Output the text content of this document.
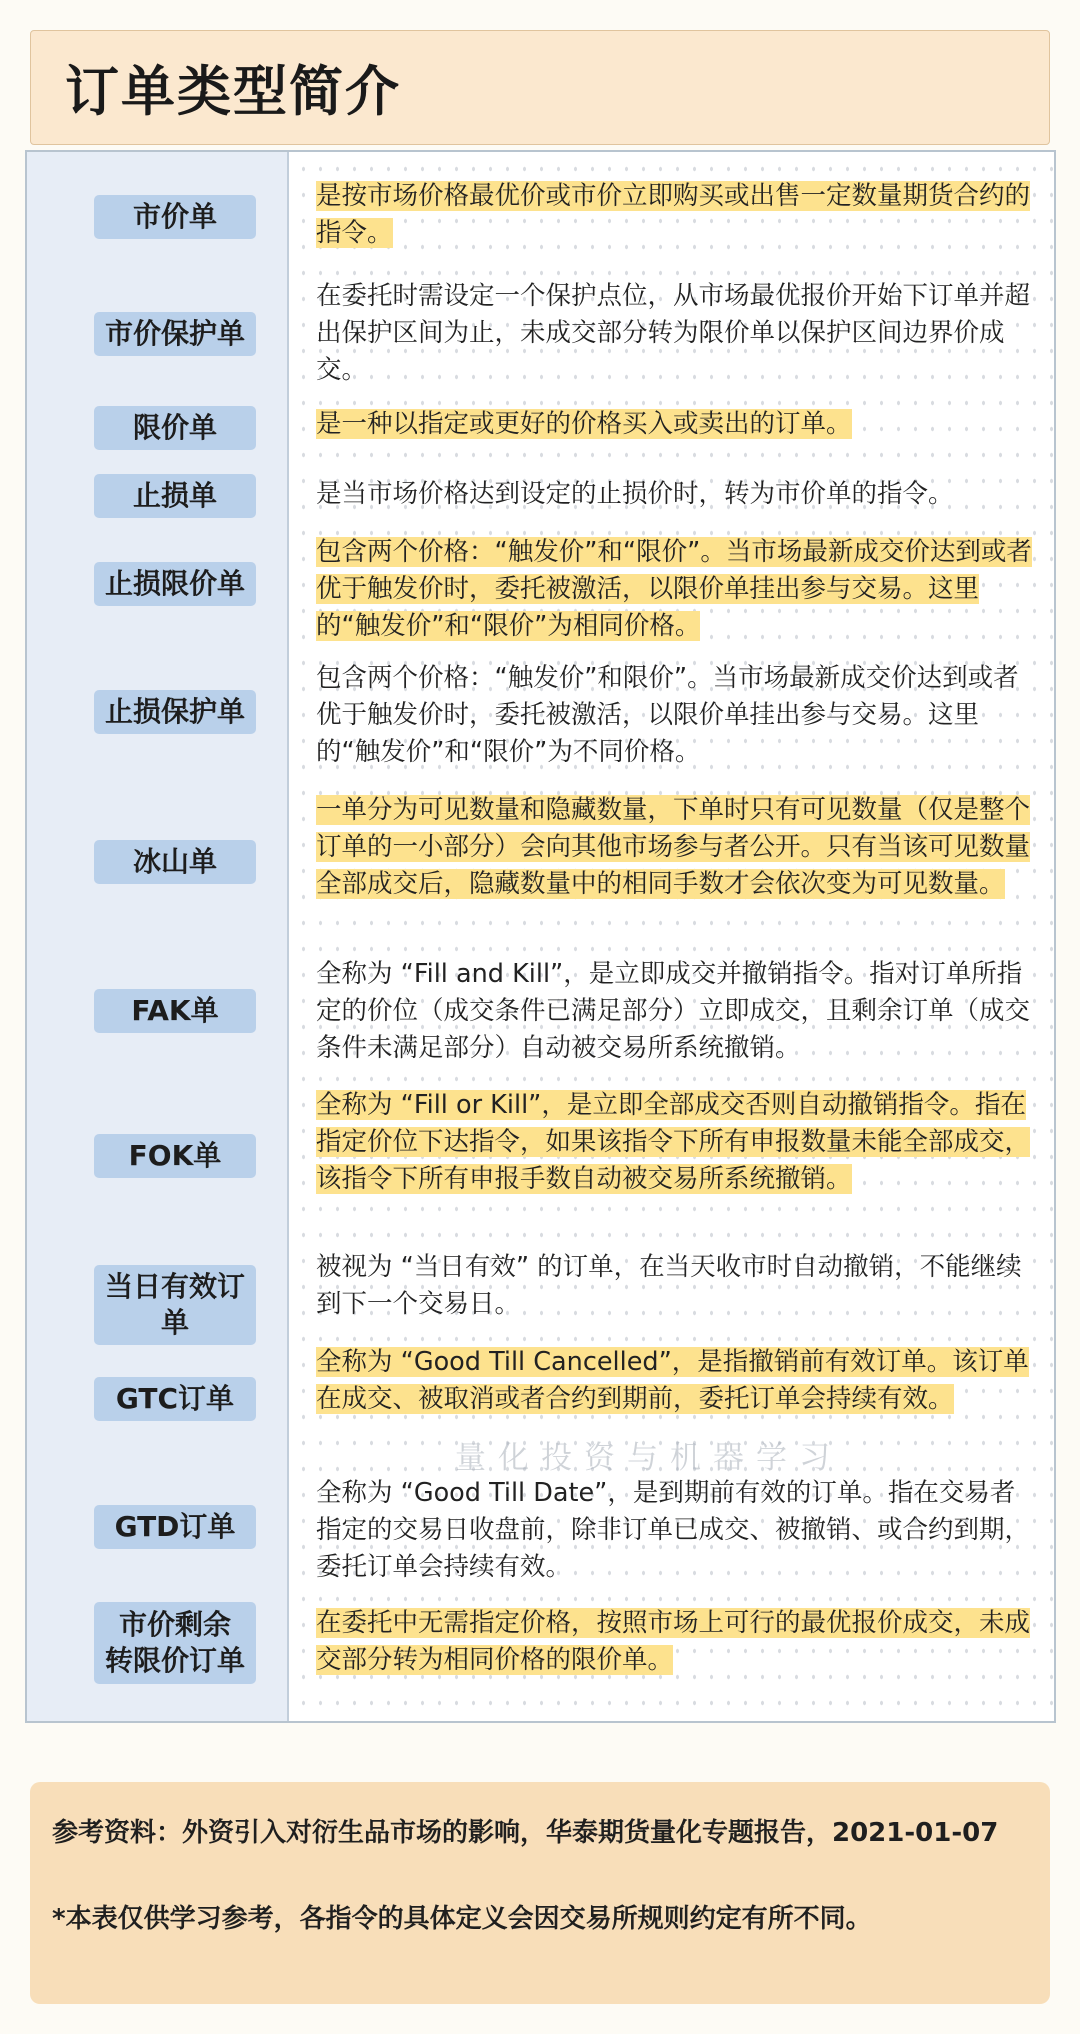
订单类型简介
市价单
是按市场价格最优价或市价立即购买或出售一定数量期货合约的指令。
市价保护单
在委托时需设定一个保护点位，从市场最优报价开始下订单并超出保护区间为止，未成交部分转为限价单以保护区间边界价成交。
限价单	是一种以指定或更好的价格买入或卖出的订单。
止损单	是当市场价格达到设定的止损价时，转为市价单的指令。
止损限价单
包含两个价格：“触发价”和“限价”。当市场最新成交价达到或者优于触发价时，委托被激活，以限价单挂出参与交易。这里的“触发价”和“限价”为相同价格。
止损保护单
包含两个价格：“触发价”和限价”。当市场最新成交价达到或者优于触发价时，委托被激活，以限价单挂出参与交易。这里的“触发价”和“限价”为不同价格。
冰山单
一单分为可见数量和隐藏数量，下单时只有可见数量（仅是整个订单的一小部分）会向其他市场参与者公开。只有当该可见数量全部成交后，隐藏数量中的相同手数才会依次变为可见数量。
FAK单
全称为 “Fill and Kill”，是立即成交并撤销指令。指对订单所指定的价位（成交条件已满足部分）立即成交，且剩余订单（成交条件未满足部分）自动被交易所系统撤销。
FOK单
全称为 “Fill or Kill”，是立即全部成交否则自动撤销指令。指在指定价位下达指令，如果该指令下所有申报数量未能全部成交，该指令下所有申报手数自动被交易所系统撤销。
当日有效订单
被视为 “当日有效” 的订单，在当天收市时自动撤销，不能继续到下一个交易日。
GTC订单
全称为 “Good Till Cancelled”，是指撤销前有效订单。该订单在成交、被取消或者合约到期前，委托订单会持续有效。
GTD订单
全称为 “Good Till Date”，是到期前有效的订单。指在交易者指定的交易日收盘前，除非订单已成交、被撤销、或合约到期，委托订单会持续有效。
市价剩余
转限价订单
在委托中无需指定价格，按照市场上可行的最优报价成交，未成交部分转为相同价格的限价单。
量化投资与机器学习

参考资料：外资引入对衍生品市场的影响，华泰期货量化专题报告，2021-01-07

*本表仅供学习参考，各指令的具体定义会因交易所规则约定有所不同。
